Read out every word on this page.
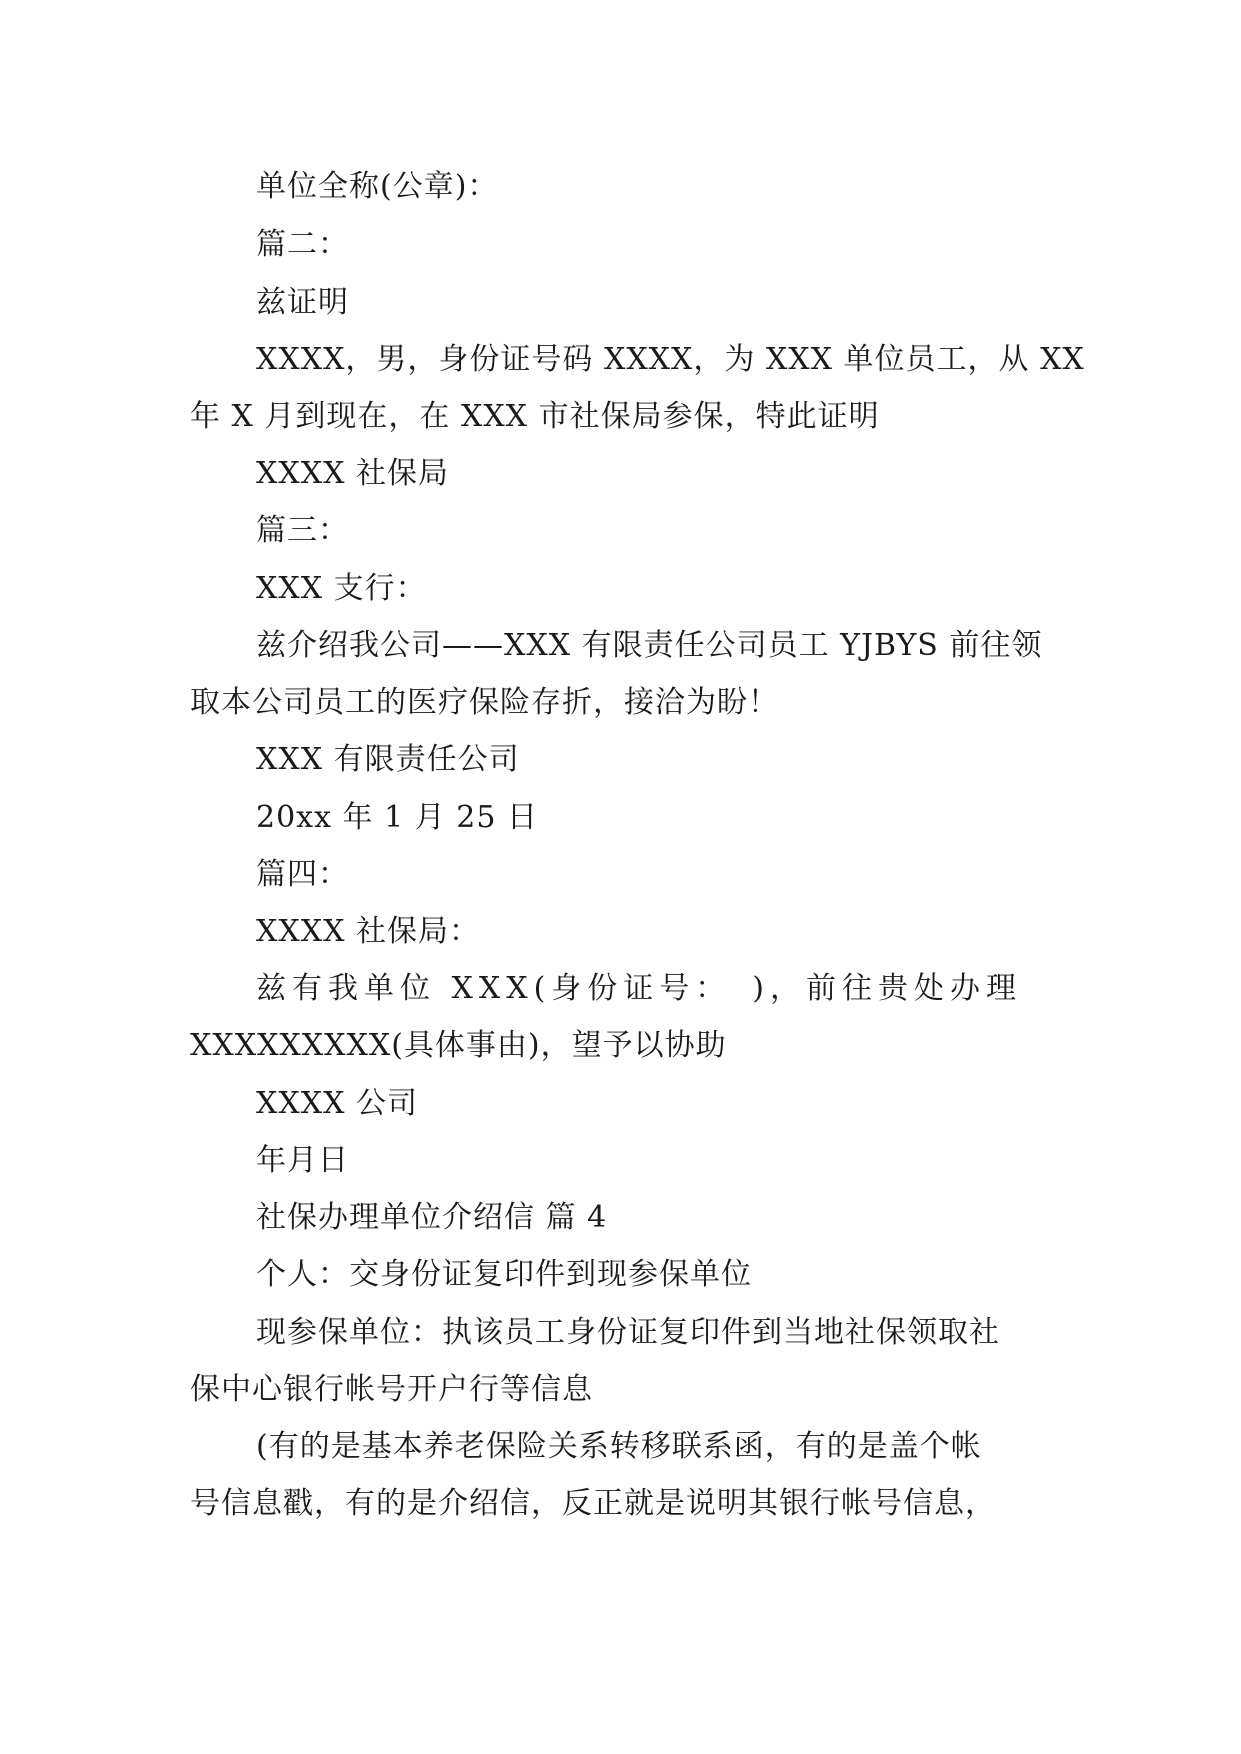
单位全称(公章)：
篇二：
兹证明
XXXX，男，身份证号码 XXXX，为 XXX 单位员工，从 XX
年 X 月到现在，在 XXX 市社保局参保，特此证明
XXXX 社保局
篇三：
XXX 支行：
兹介绍我公司——XXX 有限责任公司员工 YJBYS 前往领
取本公司员工的医疗保险存折，接洽为盼！
XXX 有限责任公司
20xx 年 1 月 25 日
篇四：
XXXX 社保局：
兹有我单位 XXX(身份证号：　)，前往贵处办理
XXXXXXXXX(具体事由)，望予以协助
XXXX 公司
年月日
社保办理单位介绍信 篇 4
个人：交身份证复印件到现参保单位
现参保单位：执该员工身份证复印件到当地社保领取社
保中心银行帐号开户行等信息
(有的是基本养老保险关系转移联系函，有的是盖个帐
号信息戳，有的是介绍信，反正就是说明其银行帐号信息，
